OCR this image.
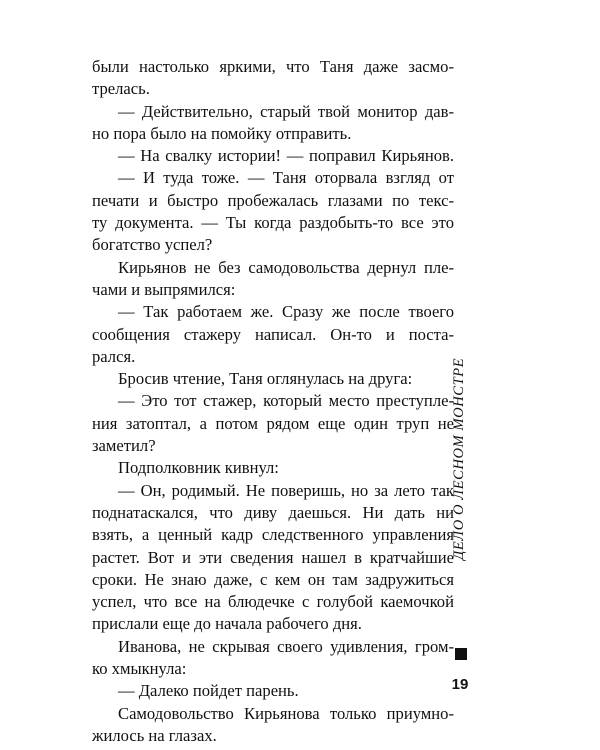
были настолько яркими, что Таня даже засмо-
трелась.
— Действительно, старый твой монитор дав-
но пора было на помойку отправить.
— На свалку истории! — поправил Кирьянов.
— И туда тоже. — Таня оторвала взгляд от
печати и быстро пробежалась глазами по текс-
ту документа. — Ты когда раздобыть-то все это
богатство успел?
Кирьянов не без самодовольства дернул пле-
чами и выпрямился:
— Так работаем же. Сразу же после твоего
сообщения стажеру написал. Он-то и поста-
рался.
Бросив чтение, Таня оглянулась на друга:
— Это тот стажер, который место преступле-
ния затоптал, а потом рядом еще один труп не
заметил?
Подполковник кивнул:
— Он, родимый. Не поверишь, но за лето так
поднатаскался, что диву даешься. Ни дать ни
взять, а ценный кадр следственного управления
растет. Вот и эти сведения нашел в кратчайшие
сроки. Не знаю даже, с кем он там задружиться
успел, что все на блюдечке с голубой каемочкой
прислали еще до начала рабочего дня.
Иванова, не скрывая своего удивления, гром-
ко хмыкнула:
— Далеко пойдет парень.
Самодовольство Кирьянова только приумно-
жилось на глазах.
ДЕЛО О ЛЕСНОМ МОНСТРЕ
19
